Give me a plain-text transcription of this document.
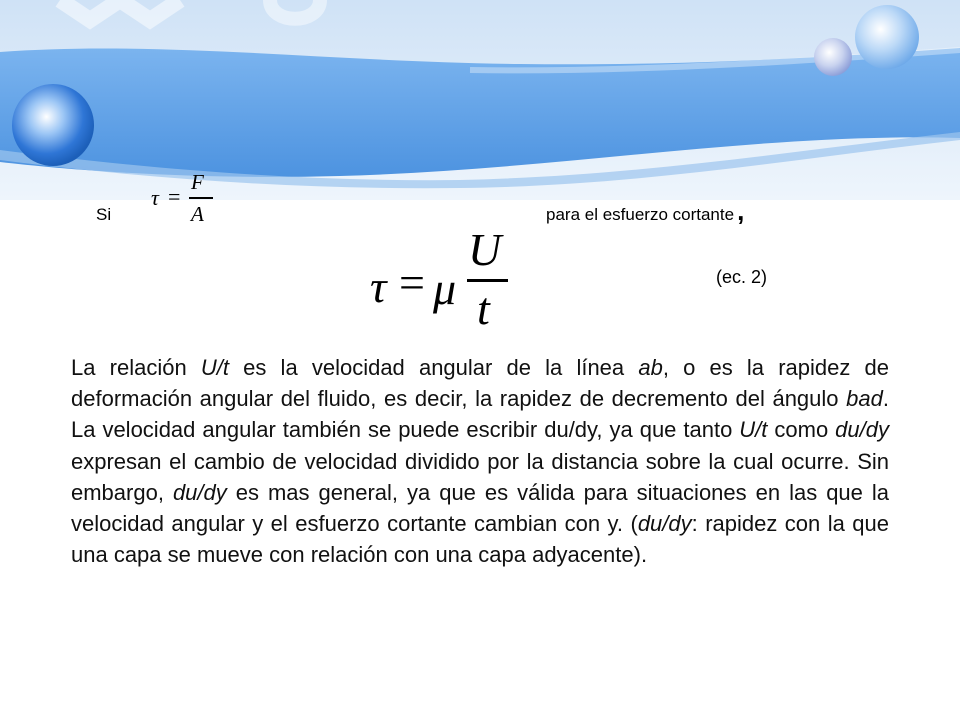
Si
τ =
F
A	para el esfuerzo cortante ,
τ = μ
U
t
(ec. 2)

La relación U/t es la velocidad angular de la línea ab, o es la rapidez de deformación angular del fluido, es decir, la rapidez de decremento del ángulo bad. La velocidad angular también se puede escribir du/dy, ya que tanto U/t como du/dy expresan el cambio de velocidad dividido por la distancia sobre la cual ocurre. Sin embargo, du/dy es mas general, ya que es válida para situaciones en las que la velocidad angular y el esfuerzo cortante cambian con y. (du/dy: rapidez con la que una capa se mueve con relación con una capa adyacente).
